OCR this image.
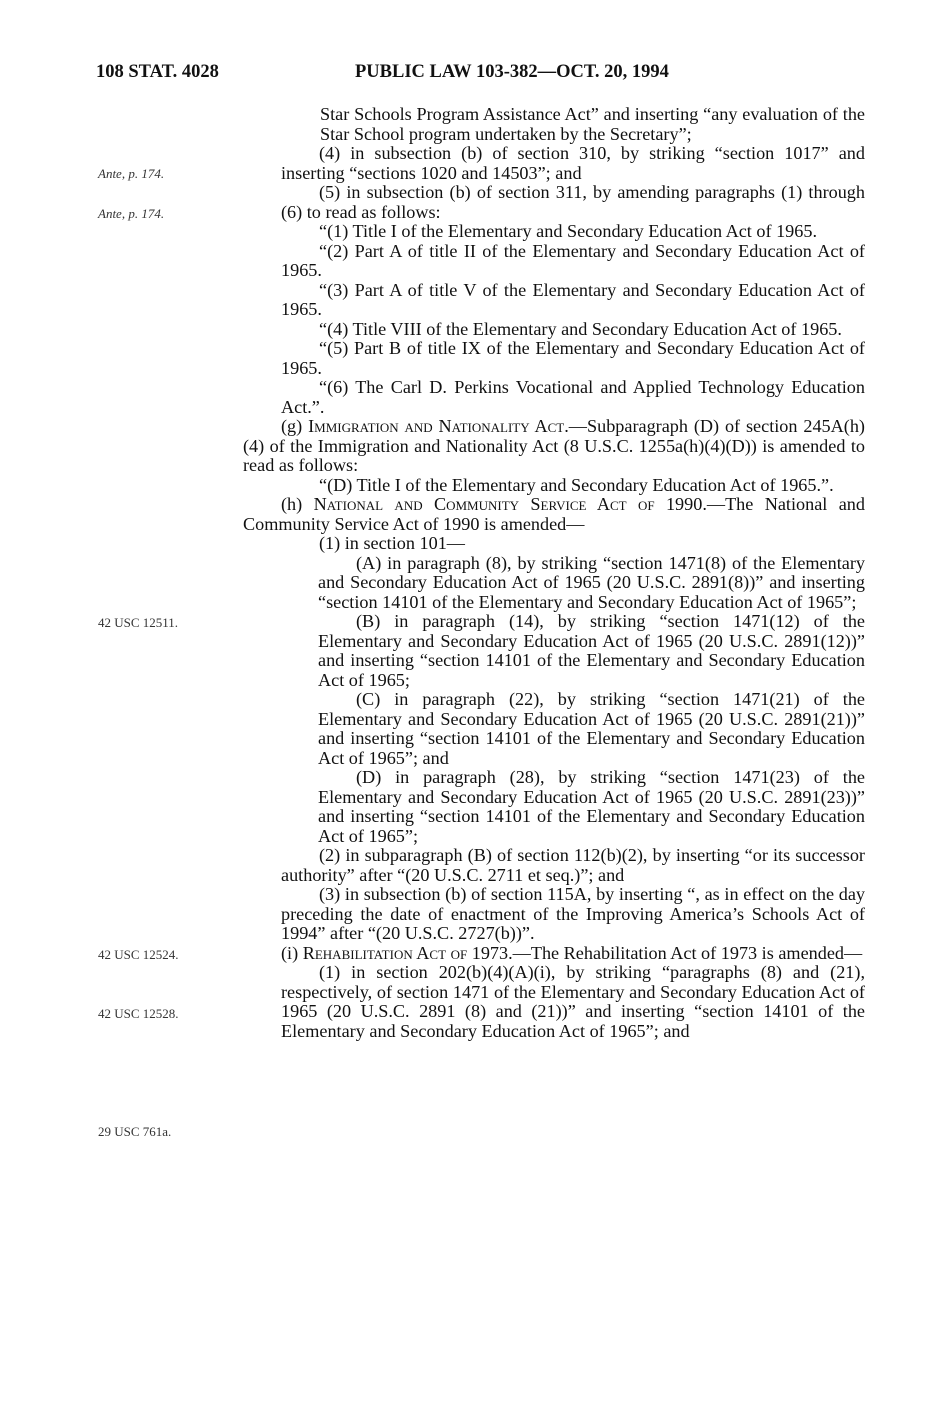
108 STAT. 4028	PUBLIC LAW 103-382—OCT. 20, 1994
Ante, p. 174.
Ante, p. 174.
42 USC 12511.
42 USC 12524.
42 USC 12528.
29 USC 761a.

Star Schools Program Assistance Act” and inserting “any evaluation of the Star School program undertaken by the Secretary”;

(4) in subsection (b) of section 310, by striking “section 1017” and inserting “sections 1020 and 14503”; and

(5) in subsection (b) of section 311, by amending paragraphs (1) through (6) to read as follows:

“(1) Title I of the Elementary and Secondary Education Act of 1965.

“(2) Part A of title II of the Elementary and Secondary Education Act of 1965.

“(3) Part A of title V of the Elementary and Secondary Education Act of 1965.

“(4) Title VIII of the Elementary and Secondary Education Act of 1965.

“(5) Part B of title IX of the Elementary and Secondary Education Act of 1965.

“(6) The Carl D. Perkins Vocational and Applied Technology Education Act.”.

(g) Immigration and Nationality Act.—Subparagraph (D) of section 245A(h)(4) of the Immigration and Nationality Act (8 U.S.C. 1255a(h)(4)(D)) is amended to read as follows:

“(D) Title I of the Elementary and Secondary Education Act of 1965.”.

(h) National and Community Service Act of 1990.—The National and Community Service Act of 1990 is amended—

(1) in section 101—

(A) in paragraph (8), by striking “section 1471(8) of the Elementary and Secondary Education Act of 1965 (20 U.S.C. 2891(8))” and inserting “section 14101 of the Elementary and Secondary Education Act of 1965”;

(B) in paragraph (14), by striking “section 1471(12) of the Elementary and Secondary Education Act of 1965 (20 U.S.C. 2891(12))” and inserting “section 14101 of the Elementary and Secondary Education Act of 1965;

(C) in paragraph (22), by striking “section 1471(21) of the Elementary and Secondary Education Act of 1965 (20 U.S.C. 2891(21))” and inserting “section 14101 of the Elementary and Secondary Education Act of 1965”; and

(D) in paragraph (28), by striking “section 1471(23) of the Elementary and Secondary Education Act of 1965 (20 U.S.C. 2891(23))” and inserting “section 14101 of the Elementary and Secondary Education Act of 1965”;

(2) in subparagraph (B) of section 112(b)(2), by inserting “or its successor authority” after “(20 U.S.C. 2711 et seq.)”; and

(3) in subsection (b) of section 115A, by inserting “, as in effect on the day preceding the date of enactment of the Improving America’s Schools Act of 1994” after “(20 U.S.C. 2727(b))”.

(i) Rehabilitation Act of 1973.—The Rehabilitation Act of 1973 is amended—

(1) in section 202(b)(4)(A)(i), by striking “paragraphs (8) and (21), respectively, of section 1471 of the Elementary and Secondary Education Act of 1965 (20 U.S.C. 2891 (8) and (21))” and inserting “section 14101 of the Elementary and Secondary Education Act of 1965”; and
